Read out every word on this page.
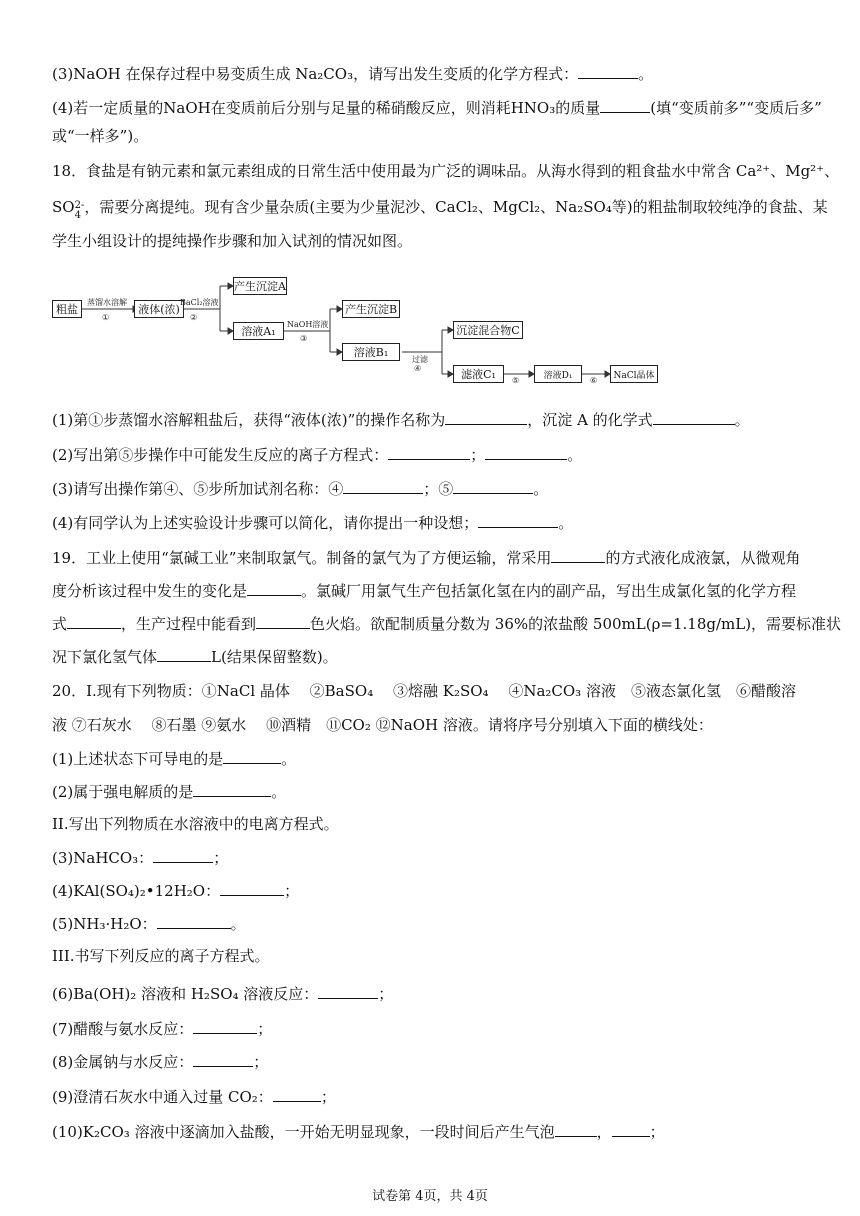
(3)NaOH 在保存过程中易变质生成 Na₂CO₃，请写出发生变质的化学方程式：	。
(4)若一定质量的NaOH在变质前后分别与足量的稀硝酸反应，则消耗HNO₃的质量	(填“变质前多”“变质后多”
或“一样多”)。
18．食盐是有钠元素和氯元素组成的日常生活中使用最为广泛的调味品。从海水得到的粗食盐水中常含 Ca²⁺、Mg²⁺、
SO2-
4 ，需要分离提纯。现有含少量杂质(主要为少量泥沙、CaCl₂、MgCl₂、Na₂SO₄等)的粗盐制取较纯净的食盐、某
学生小组设计的提纯操作步骤和加入试剂的情况如图。
粗盐
蒸馏水溶解
①
液体(浓)
BaCl₂溶液
②
产生沉淀A
溶液A₁
NaOH溶液
③
产生沉淀B
溶液B₁
过滤
④
沉淀混合物C
滤液C₁ ⑤	溶液D₁ ⑥ NaCl晶体
(1)第①步蒸馏水溶解粗盐后，获得“液体(浓)”的操作名称为	，沉淀 A 的化学式	。
(2)写出第⑤步操作中可能发生反应的离子方程式：	；	。
(3)请写出操作第④、⑤步所加试剂名称：④	；⑤	。
(4)有同学认为上述实验设计步骤可以简化，请你提出一种设想；	。
19．工业上使用“氯碱工业”来制取氯气。制备的氯气为了方便运输，常采用	的方式液化成液氯，从微观角
度分析该过程中发生的变化是	。氯碱厂用氯气生产包括氯化氢在内的副产品，写出生成氯化氢的化学方程
式	，生产过程中能看到	色火焰。欲配制质量分数为 36%的浓盐酸 500mL(ρ=1.18g/mL)，需要标准状
况下氯化氢气体	L(结果保留整数)。
20．I.现有下列物质：①NaCl 晶体　 ②BaSO₄　 ③熔融 K₂SO₄　 ④Na₂CO₃ 溶液　⑤液态氯化氢　⑥醋酸溶
液 ⑦石灰水　 ⑧石墨 ⑨氨水　 ⑩酒精　⑪CO₂ ⑫NaOH 溶液。请将序号分别填入下面的横线处：
(1)上述状态下可导电的是	。
(2)属于强电解质的是	。
II.写出下列物质在水溶液中的电离方程式。
(3)NaHCO₃：	；
(4)KAl(SO₄)₂•12H₂O：	；
(5)NH₃·H₂O：	。
III.书写下列反应的离子方程式。
(6)Ba(OH)₂ 溶液和 H₂SO₄ 溶液反应：	；
(7)醋酸与氨水反应：	；
(8)金属钠与水反应：	；
(9)澄清石灰水中通入过量 CO₂：	；
(10)K₂CO₃ 溶液中逐滴加入盐酸，一开始无明显现象，一段时间后产生气泡	，	；
试卷第 4页，共 4页
